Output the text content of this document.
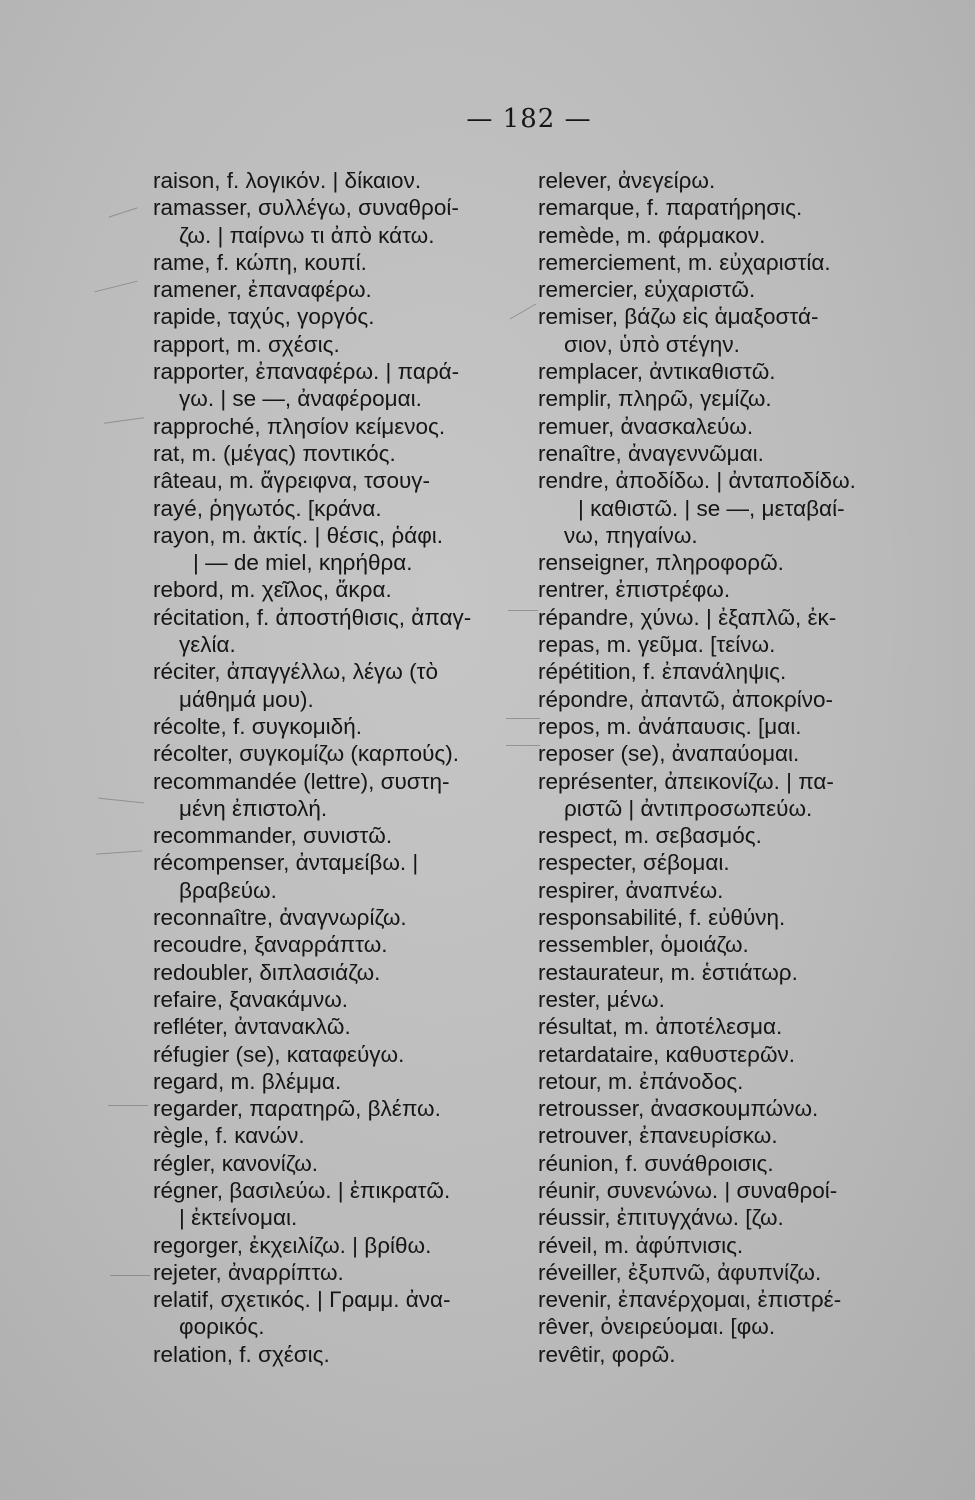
— 182 —
raison, f. λογικόν. | δίκαιον.
ramasser, συλλέγω, συναθροί-
ζω. | παίρνω τι ἀπὸ κάτω.
rame, f. κώπη, κουπί.
ramener, ἐπαναφέρω.
rapide, ταχύς, γοργός.
rapport, m. σχέσις.
rapporter, ἐπαναφέρω. | παρά-
γω. | se —, ἀναφέρομαι.
rapproché, πλησίον κείμενος.
rat, m. (μέγας) ποντικός.
râteau, m. ἄγρειφνα, τσουγ-
rayé, ῥηγωτός. [κράνα.
rayon, m. ἀκτίς. | θέσις, ῥάφι.
| — de miel, κηρήθρα.
rebord, m. χεῖλος, ἄκρα.
récitation, f. ἀποστήθισις, ἀπαγ-
γελία.
réciter, ἀπαγγέλλω, λέγω (τὸ
μάθημά μου).
récolte, f. συγκομιδή.
récolter, συγκομίζω (καρπούς).
recommandée (lettre), συστη-
μένη ἐπιστολή.
recommander, συνιστῶ.
récompenser, ἀνταμείβω. |
βραβεύω.
reconnaître, ἀναγνωρίζω.
recoudre, ξαναρράπτω.
redoubler, διπλασιάζω.
refaire, ξανακάμνω.
refléter, ἀντανακλῶ.
réfugier (se), καταφεύγω.
regard, m. βλέμμα.
regarder, παρατηρῶ, βλέπω.
règle, f. κανών.
régler, κανονίζω.
régner, βασιλεύω. | ἐπικρατῶ.
| ἐκτείνομαι.
regorger, ἐκχειλίζω. | βρίθω.
rejeter, ἀναρρίπτω.
relatif, σχετικός. | Γραμμ. ἀνα-
φορικός.
relation, f. σχέσις.
relever, ἀνεγείρω.
remarque, f. παρατήρησις.
remède, m. φάρμακον.
remerciement, m. εὐχαριστία.
remercier, εὐχαριστῶ.
remiser, βάζω εἰς ἁμαξοστά-
σιον, ὑπὸ στέγην.
remplacer, ἀντικαθιστῶ.
remplir, πληρῶ, γεμίζω.
remuer, ἀνασκαλεύω.
renaître, ἀναγεννῶμαι.
rendre, ἀποδίδω. | ἀνταποδίδω.
| καθιστῶ. | se —, μεταβαί-
νω, πηγαίνω.
renseigner, πληροφορῶ.
rentrer, ἐπιστρέφω.
répandre, χύνω. | ἐξαπλῶ, ἐκ-
repas, m. γεῦμα. [τείνω.
répétition, f. ἐπανάληψις.
répondre, ἀπαντῶ, ἀποκρίνο-
repos, m. ἀνάπαυσις. [μαι.
reposer (se), ἀναπαύομαι.
représenter, ἀπεικονίζω. | πα-
ριστῶ | ἀντιπροσωπεύω.
respect, m. σεβασμός.
respecter, σέβομαι.
respirer, ἀναπνέω.
responsabilité, f. εὐθύνη.
ressembler, ὁμοιάζω.
restaurateur, m. ἑστιάτωρ.
rester, μένω.
résultat, m. ἀποτέλεσμα.
retardataire, καθυστερῶν.
retour, m. ἐπάνοδος.
retrousser, ἀνασκουμπώνω.
retrouver, ἐπανευρίσκω.
réunion, f. συνάθροισις.
réunir, συνενώνω. | συναθροί-
réussir, ἐπιτυγχάνω. [ζω.
réveil, m. ἀφύπνισις.
réveiller, ἐξυπνῶ, ἀφυπνίζω.
revenir, ἐπανέρχομαι, ἐπιστρέ-
rêver, ὀνειρεύομαι. [φω.
revêtir, φορῶ.
